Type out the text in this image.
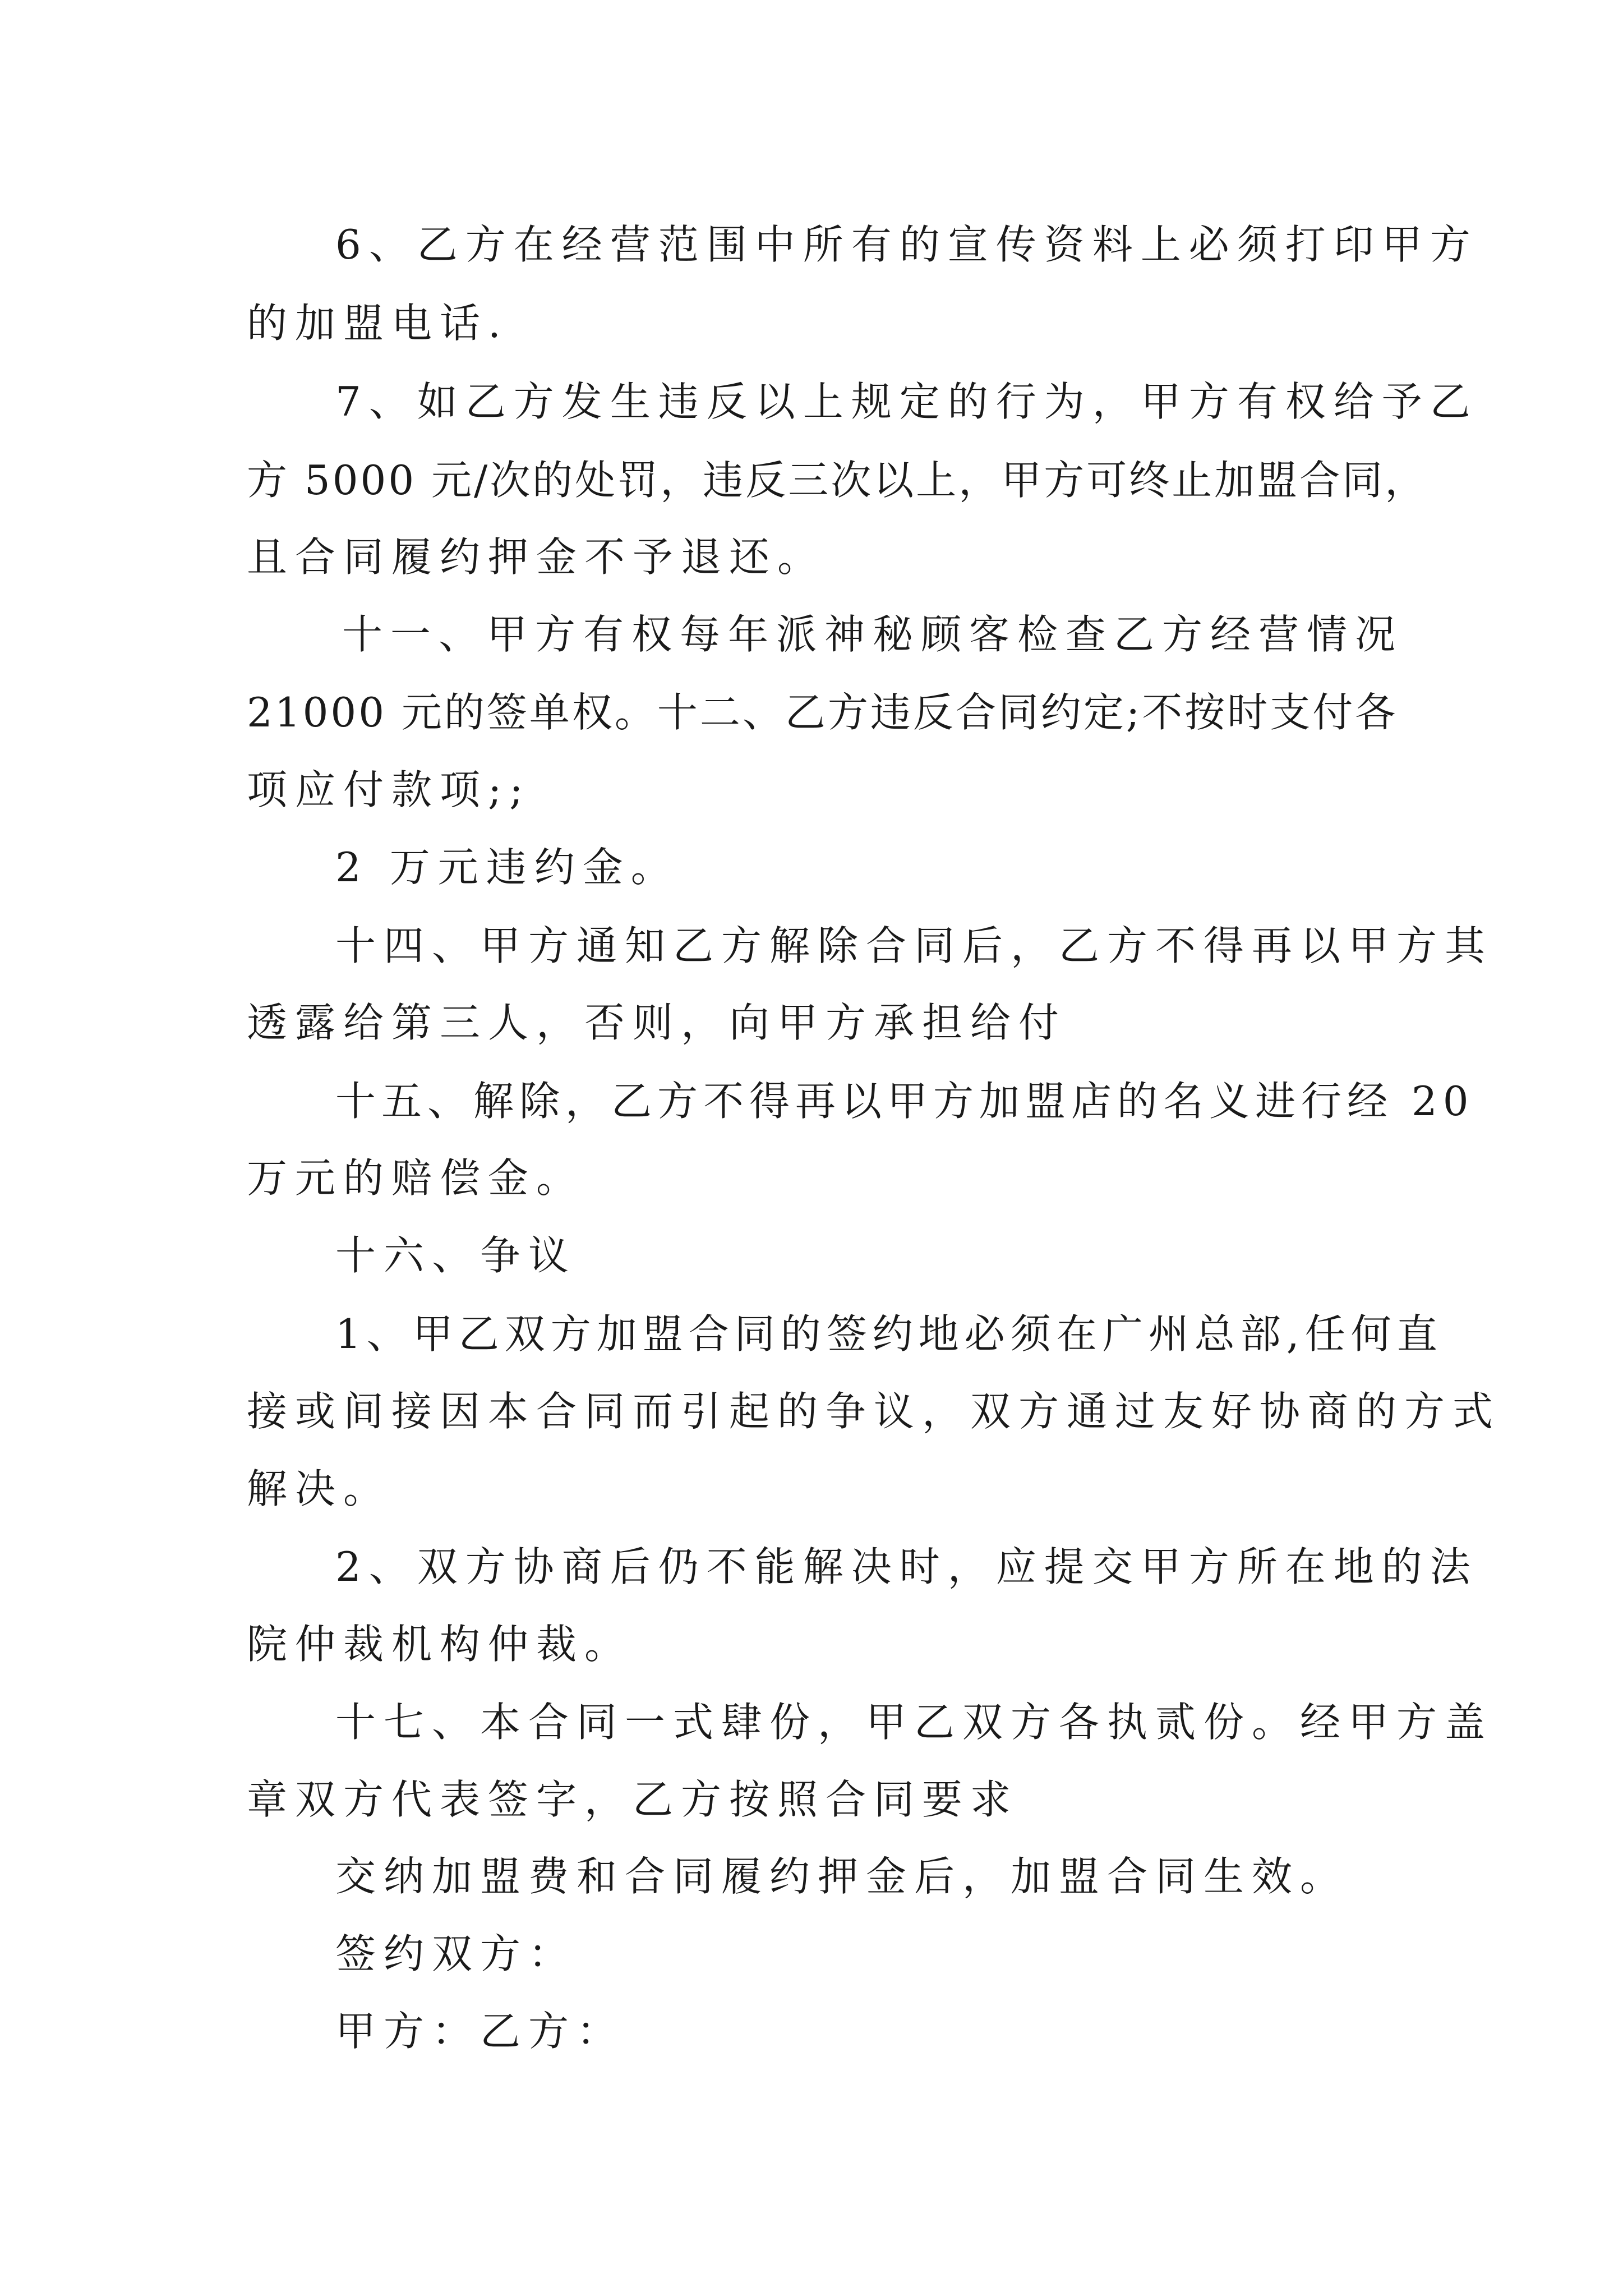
6、乙方在经营范围中所有的宣传资料上必须打印甲方
的加盟电话.
7、如乙方发生违反以上规定的行为，甲方有权给予乙
方 5000 元/次的处罚，违反三次以上，甲方可终止加盟合同，
且合同履约押金不予退还。
十一、甲方有权每年派神秘顾客检查乙方经营情况
21000 元的签单权。十二、乙方违反合同约定;不按时支付各
项应付款项;;
2 万元违约金。
十四、甲方通知乙方解除合同后，乙方不得再以甲方其
透露给第三人，否则，向甲方承担给付
十五、解除，乙方不得再以甲方加盟店的名义进行经 20
万元的赔偿金。
十六、争议
1、甲乙双方加盟合同的签约地必须在广州总部,任何直
接或间接因本合同而引起的争议，双方通过友好协商的方式
解决。
2、双方协商后仍不能解决时，应提交甲方所在地的法
院仲裁机构仲裁。
十七、本合同一式肆份，甲乙双方各执贰份。经甲方盖
章双方代表签字，乙方按照合同要求
交纳加盟费和合同履约押金后，加盟合同生效。
签约双方：
甲方：乙方：
